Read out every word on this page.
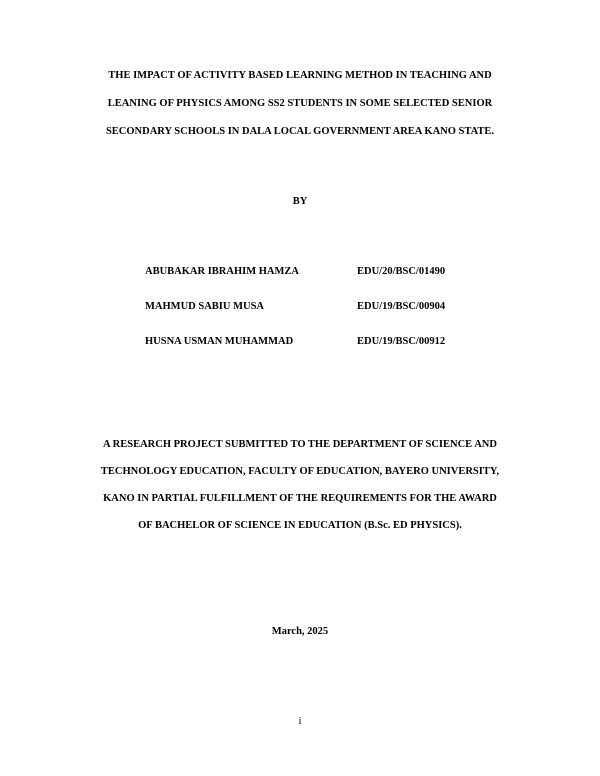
THE IMPACT OF ACTIVITY BASED LEARNING METHOD IN TEACHING AND
LEANING OF PHYSICS AMONG SS2 STUDENTS IN SOME SELECTED SENIOR
SECONDARY SCHOOLS IN DALA LOCAL GOVERNMENT AREA KANO STATE.
BY
ABUBAKAR IBRAHIM HAMZA	EDU/20/BSC/01490
MAHMUD SABIU MUSA	EDU/19/BSC/00904
HUSNA USMAN MUHAMMAD	EDU/19/BSC/00912
A RESEARCH PROJECT SUBMITTED TO THE DEPARTMENT OF SCIENCE AND
TECHNOLOGY EDUCATION, FACULTY OF EDUCATION, BAYERO UNIVERSITY,
KANO IN PARTIAL FULFILLMENT OF THE REQUIREMENTS FOR THE AWARD
OF BACHELOR OF SCIENCE IN EDUCATION (B.Sc. ED PHYSICS).
March, 2025
i
